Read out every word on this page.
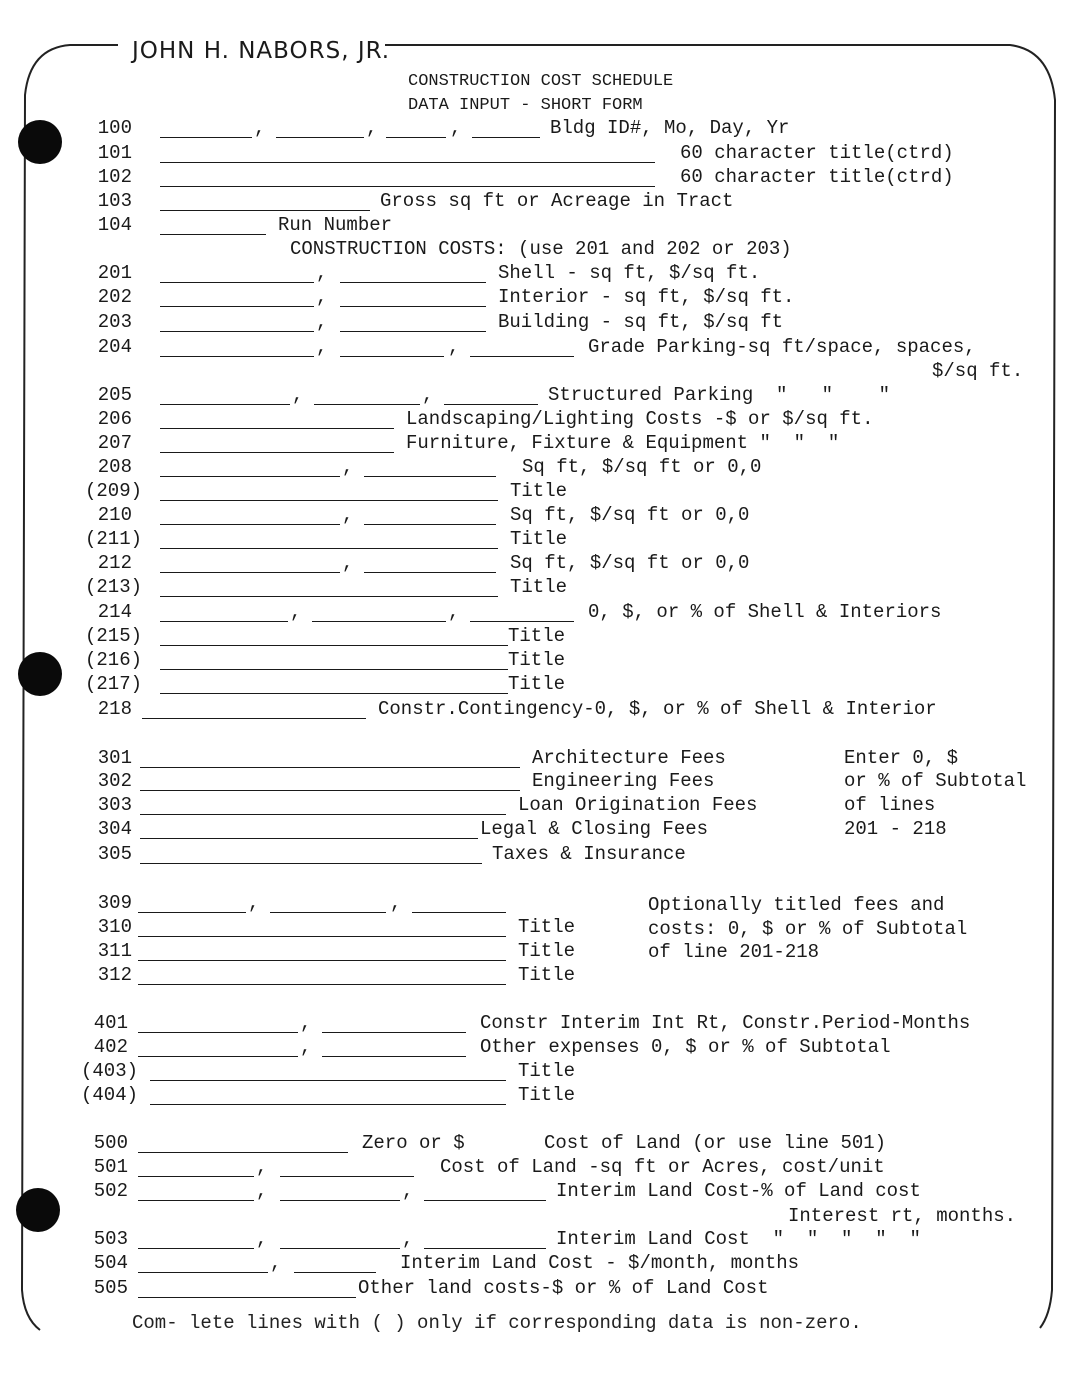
JOHN H. NABORS, JR.
CONSTRUCTION COST SCHEDULE
DATA INPUT - SHORT FORM
100	,	,	,	Bldg ID#, Mo, Day, Yr
101	60 character title(ctrd)
102	60 character title(ctrd)
103	Gross sq ft or Acreage in Tract
104	Run Number
CONSTRUCTION COSTS: (use 201 and 202 or 203)
201	,	Shell - sq ft, $/sq ft.
202	,	Interior - sq ft, $/sq ft.
203	,	Building - sq ft, $/sq ft
204	,	,	Grade Parking-sq ft/space, spaces,
$/sq ft.
205	,	,	Structured Parking  "   "    "
206	Landscaping/Lighting Costs -$ or $/sq ft.
207	Furniture, Fixture & Equipment "  "  "
208	,	Sq ft, $/sq ft or 0,0
(209)	Title
210	,	Sq ft, $/sq ft or 0,0
(211)	Title
212	,	Sq ft, $/sq ft or 0,0
(213)	Title
214	,	,	0, $, or % of Shell & Interiors
(215)	Title
(216)	Title
(217)	Title
218	Constr.Contingency-0, $, or % of Shell & Interior
301	Architecture Fees
302	Engineering Fees
303	Loan Origination Fees
304	Legal & Closing Fees
305	Taxes & Insurance
Enter 0, $
or % of Subtotal
of lines
201 - 218
309	,	,
310	Title
311	Title
312	Title
Optionally titled fees and
costs: 0, $ or % of Subtotal
of line 201-218
401	,	Constr Interim Int Rt, Constr.Period-Months
402	,	Other expenses 0, $ or % of Subtotal
(403)	Title
(404)	Title
500	Zero or $	Cost of Land (or use line 501)
501	,	Cost of Land -sq ft or Acres, cost/unit
502	,	,	Interim Land Cost-% of Land cost
Interest rt, months.
503	,	,	Interim Land Cost  "  "  "  "  "
504	,	Interim Land Cost - $/month, months
505	Other land costs-$ or % of Land Cost
Com- lete lines with ( ) only if corresponding data is non-zero.
